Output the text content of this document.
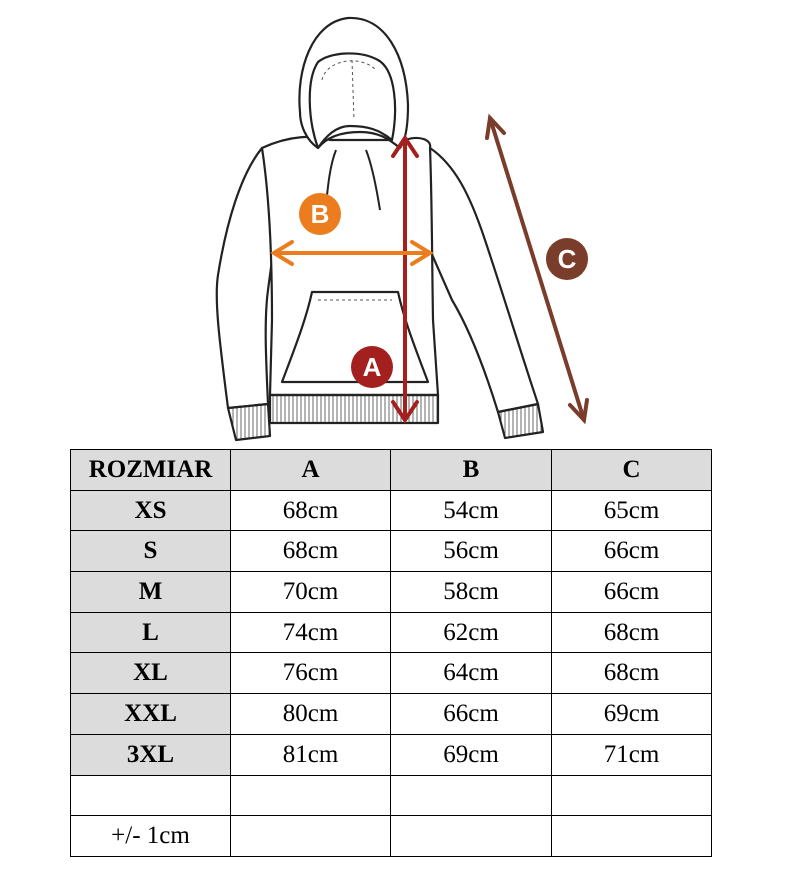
A
B
C
ROZMIAR	A	B	C
XS	68cm	54cm	65cm
S	68cm	56cm	66cm
M	70cm	58cm	66cm
L	74cm	62cm	68cm
XL	76cm	64cm	68cm
XXL	80cm	66cm	69cm
3XL	81cm	69cm	71cm

+/- 1cm			
